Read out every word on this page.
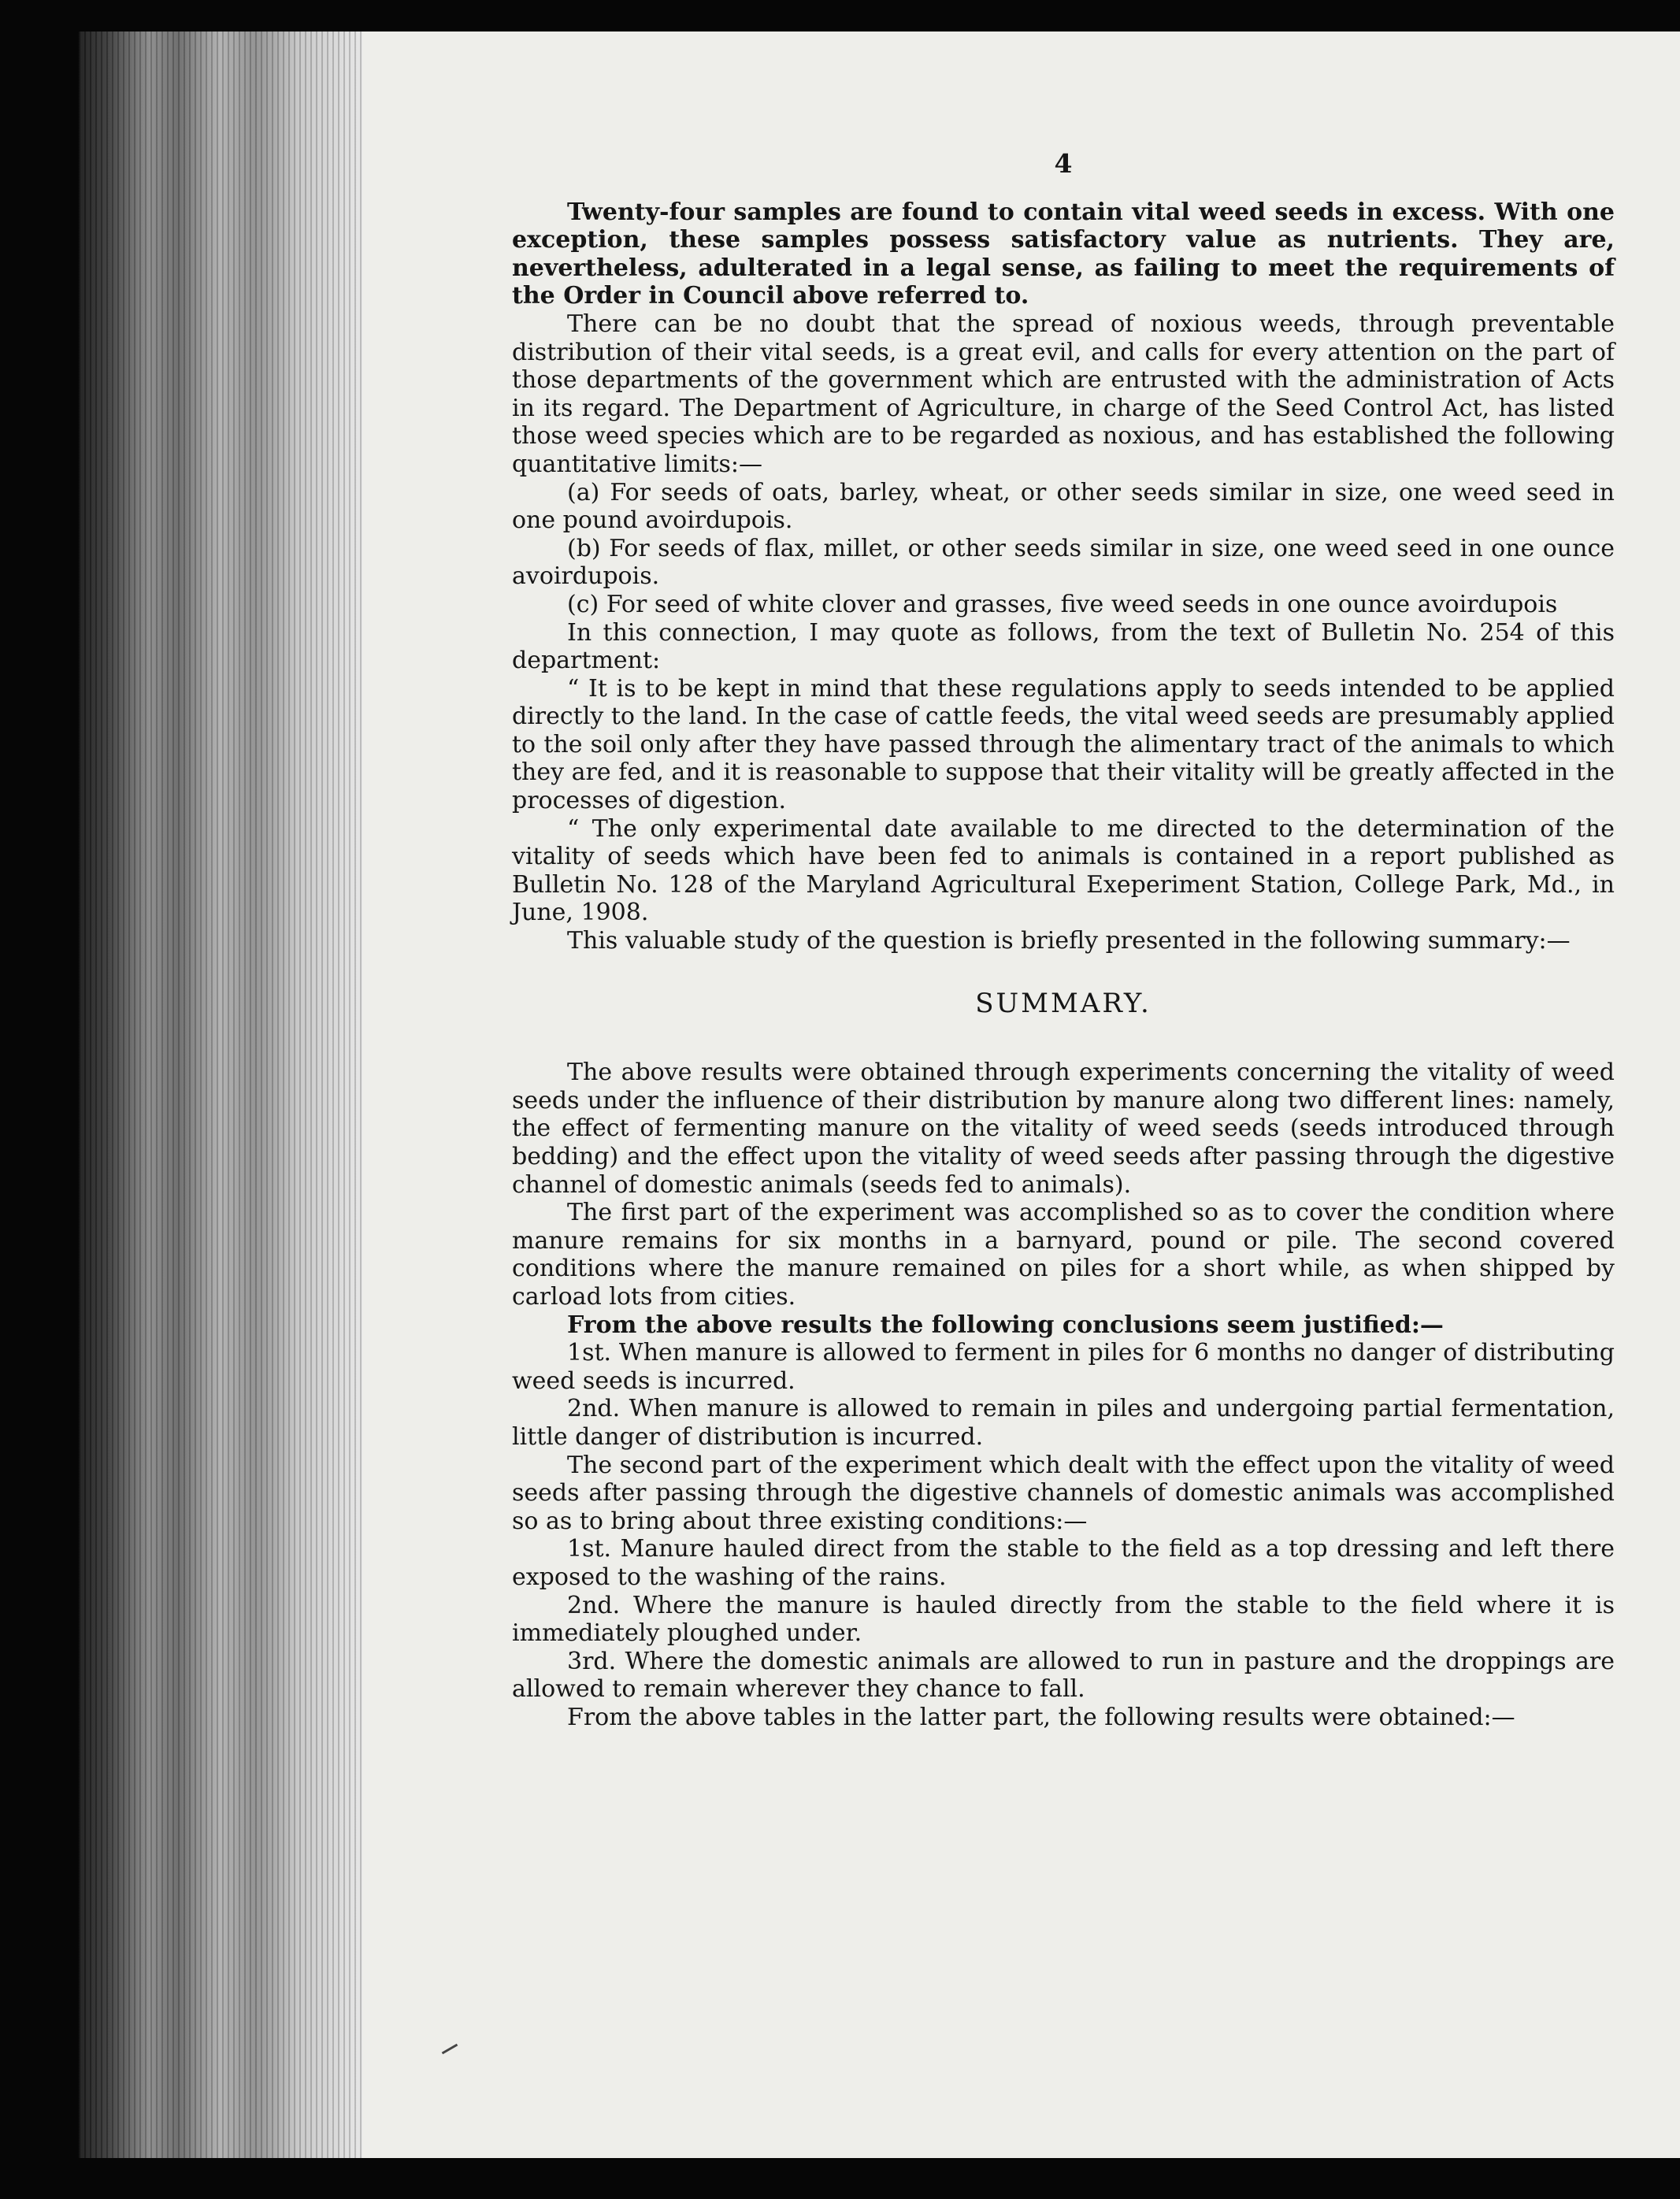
4

Twenty-four samples are found to contain vital weed seeds in excess. With one exception, these samples possess satisfactory value as nutrients. They are, nevertheless, adulterated in a legal sense, as failing to meet the requirements of the Order in Council above referred to.

There can be no doubt that the spread of noxious weeds, through preventable distribution of their vital seeds, is a great evil, and calls for every attention on the part of those departments of the government which are entrusted with the administration of Acts in its regard. The Department of Agriculture, in charge of the Seed Control Act, has listed those weed species which are to be regarded as noxious, and has established the following quantitative limits:—

(a) For seeds of oats, barley, wheat, or other seeds similar in size, one weed seed in one pound avoirdupois.

(b) For seeds of flax, millet, or other seeds similar in size, one weed seed in one ounce avoirdupois.

(c) For seed of white clover and grasses, five weed seeds in one ounce avoirdupois

In this connection, I may quote as follows, from the text of Bulletin No. 254 of this department:

“ It is to be kept in mind that these regulations apply to seeds intended to be applied directly to the land. In the case of cattle feeds, the vital weed seeds are presumably applied to the soil only after they have passed through the alimentary tract of the animals to which they are fed, and it is reasonable to suppose that their vitality will be greatly affected in the processes of digestion.

“ The only experimental date available to me directed to the determination of the vitality of seeds which have been fed to animals is contained in a report published as Bulletin No. 128 of the Maryland Agricultural Exeperiment Station, College Park, Md., in June, 1908.

This valuable study of the question is briefly presented in the following summary:—

SUMMARY.

The above results were obtained through experiments concerning the vitality of weed seeds under the influence of their distribution by manure along two different lines: namely, the effect of fermenting manure on the vitality of weed seeds (seeds introduced through bedding) and the effect upon the vitality of weed seeds after passing through the digestive channel of domestic animals (seeds fed to animals).

The first part of the experiment was accomplished so as to cover the condition where manure remains for six months in a barnyard, pound or pile. The second covered conditions where the manure remained on piles for a short while, as when shipped by carload lots from cities.

From the above results the following conclusions seem justified:—

1st. When manure is allowed to ferment in piles for 6 months no danger of distributing weed seeds is incurred.

2nd. When manure is allowed to remain in piles and undergoing partial fermentation, little danger of distribution is incurred.

The second part of the experiment which dealt with the effect upon the vitality of weed seeds after passing through the digestive channels of domestic animals was accomplished so as to bring about three existing conditions:—

1st. Manure hauled direct from the stable to the field as a top dressing and left there exposed to the washing of the rains.

2nd. Where the manure is hauled directly from the stable to the field where it is immediately ploughed under.

3rd. Where the domestic animals are allowed to run in pasture and the droppings are allowed to remain wherever they chance to fall.

From the above tables in the latter part, the following results were obtained:—
